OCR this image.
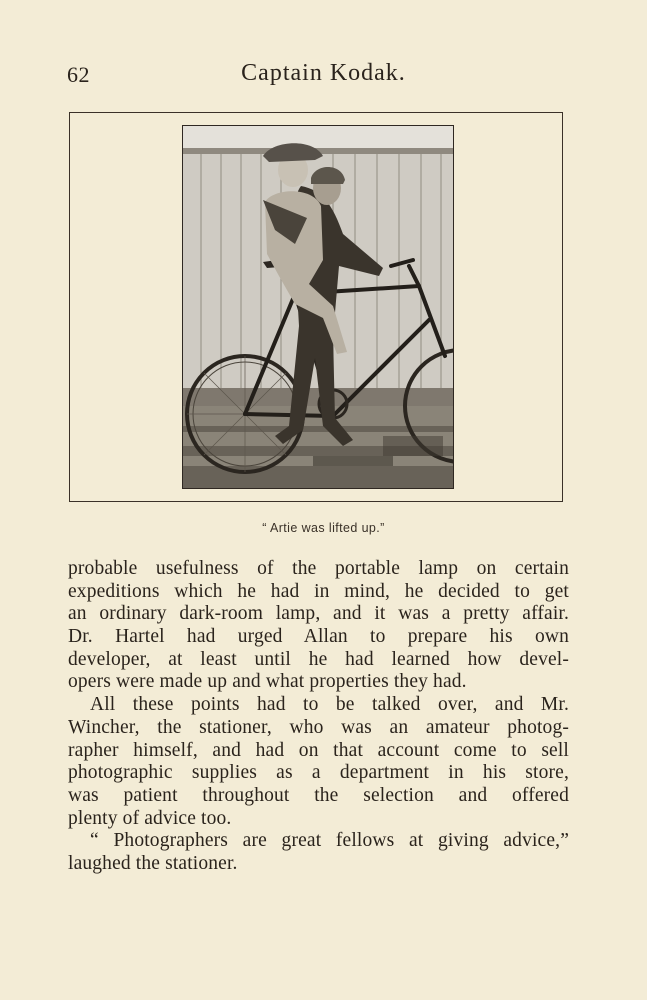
62	Captain Kodak.
“ Artie was lifted up.”
probable usefulness of the portable lamp on certain
expeditions which he had in mind, he decided to get
an ordinary dark-room lamp, and it was a pretty affair.
Dr. Hartel had urged Allan to prepare his own
developer, at least until he had learned how devel-
opers were made up and what properties they had.
All these points had to be talked over, and Mr.
Wincher, the stationer, who was an amateur photog-
rapher himself, and had on that account come to sell
photographic supplies as a department in his store,
was patient throughout the selection and offered
plenty of advice too.
“ Photographers are great fellows at giving advice,”
laughed the stationer.
